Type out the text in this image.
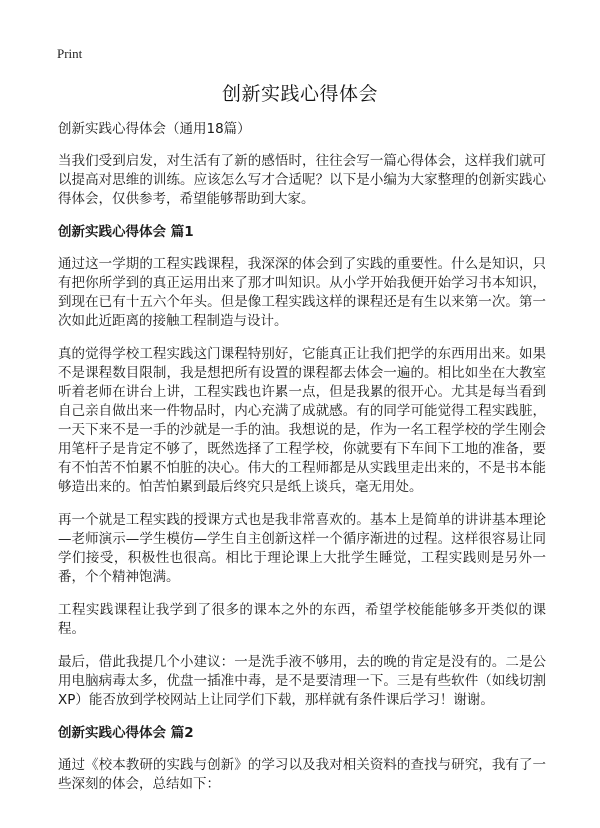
Print
创新实践心得体会
创新实践心得体会（通用18篇）

当我们受到启发，对生活有了新的感悟时，往往会写一篇心得体会，这样我们就可以提高对思维的训练。应该怎么写才合适呢？以下是小编为大家整理的创新实践心得体会，仅供参考，希望能够帮助到大家。

创新实践心得体会 篇1

通过这一学期的工程实践课程，我深深的体会到了实践的重要性。什么是知识，只有把你所学到的真正运用出来了那才叫知识。从小学开始我便开始学习书本知识，到现在已有十五六个年头。但是像工程实践这样的课程还是有生以来第一次。第一次如此近距离的接触工程制造与设计。

真的觉得学校工程实践这门课程特别好，它能真正让我们把学的东西用出来。如果不是课程数目限制，我是想把所有设置的课程都去体会一遍的。相比如坐在大教室听着老师在讲台上讲，工程实践也许累一点，但是我累的很开心。尤其是每当看到自己亲自做出来一件物品时，内心充满了成就感。有的同学可能觉得工程实践脏，一天下来不是一手的沙就是一手的油。我想说的是，作为一名工程学校的学生刚会用笔杆子是肯定不够了，既然选择了工程学校，你就要有下车间下工地的准备，要有不怕苦不怕累不怕脏的决心。伟大的工程师都是从实践里走出来的，不是书本能够造出来的。怕苦怕累到最后终究只是纸上谈兵，毫无用处。

再一个就是工程实践的授课方式也是我非常喜欢的。基本上是简单的讲讲基本理论—老师演示—学生模仿—学生自主创新这样一个循序渐进的过程。这样很容易让同学们接受，积极性也很高。相比于理论课上大批学生睡觉，工程实践则是另外一番，个个精神饱满。

工程实践课程让我学到了很多的课本之外的东西，希望学校能能够多开类似的课程。

最后，借此我提几个小建议：一是洗手液不够用，去的晚的肯定是没有的。二是公用电脑病毒太多，优盘一插准中毒，是不是要清理一下。三是有些软件（如线切割XP）能否放到学校网站上让同学们下载，那样就有条件课后学习！谢谢。

创新实践心得体会 篇2

通过《校本教研的实践与创新》的学习以及我对相关资料的查找与研究，我有了一些深刻的体会，总结如下：
